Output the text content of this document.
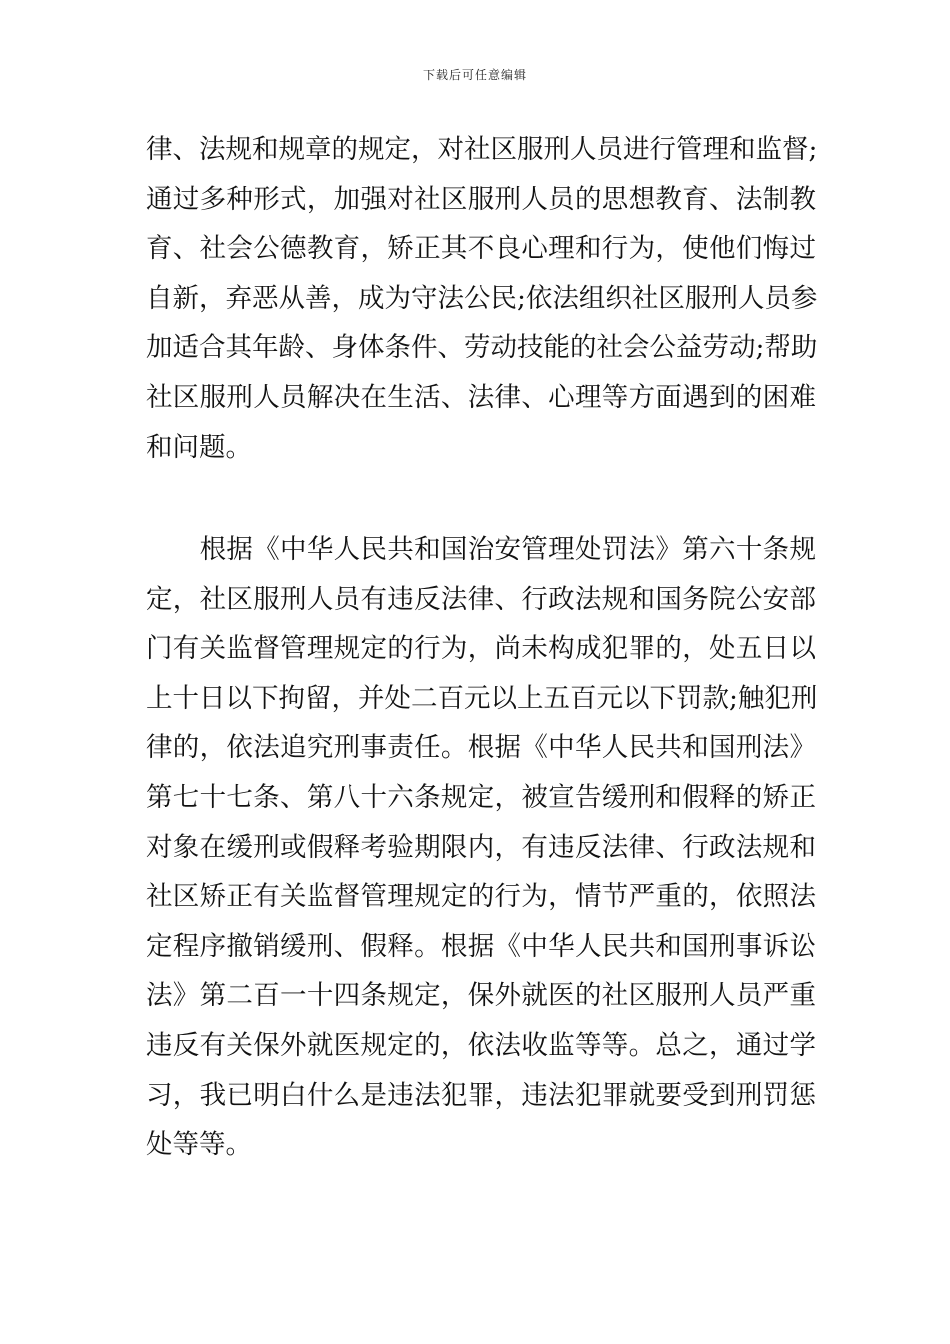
下载后可任意编辑
律、法规和规章的规定，对社区服刑人员进行管理和监督;
通过多种形式，加强对社区服刑人员的思想教育、法制教
育、社会公德教育，矫正其不良心理和行为，使他们悔过
自新，弃恶从善，成为守法公民;依法组织社区服刑人员参
加适合其年龄、身体条件、劳动技能的社会公益劳动;帮助
社区服刑人员解决在生活、法律、心理等方面遇到的困难
和问题。
　　根据《中华人民共和国治安管理处罚法》第六十条规
定，社区服刑人员有违反法律、行政法规和国务院公安部
门有关监督管理规定的行为，尚未构成犯罪的，处五日以
上十日以下拘留，并处二百元以上五百元以下罚款;触犯刑
律的，依法追究刑事责任。根据《中华人民共和国刑法》
第七十七条、第八十六条规定，被宣告缓刑和假释的矫正
对象在缓刑或假释考验期限内，有违反法律、行政法规和
社区矫正有关监督管理规定的行为，情节严重的，依照法
定程序撤销缓刑、假释。根据《中华人民共和国刑事诉讼
法》第二百一十四条规定，保外就医的社区服刑人员严重
违反有关保外就医规定的，依法收监等等。总之，通过学
习，我已明白什么是违法犯罪，违法犯罪就要受到刑罚惩
处等等。
